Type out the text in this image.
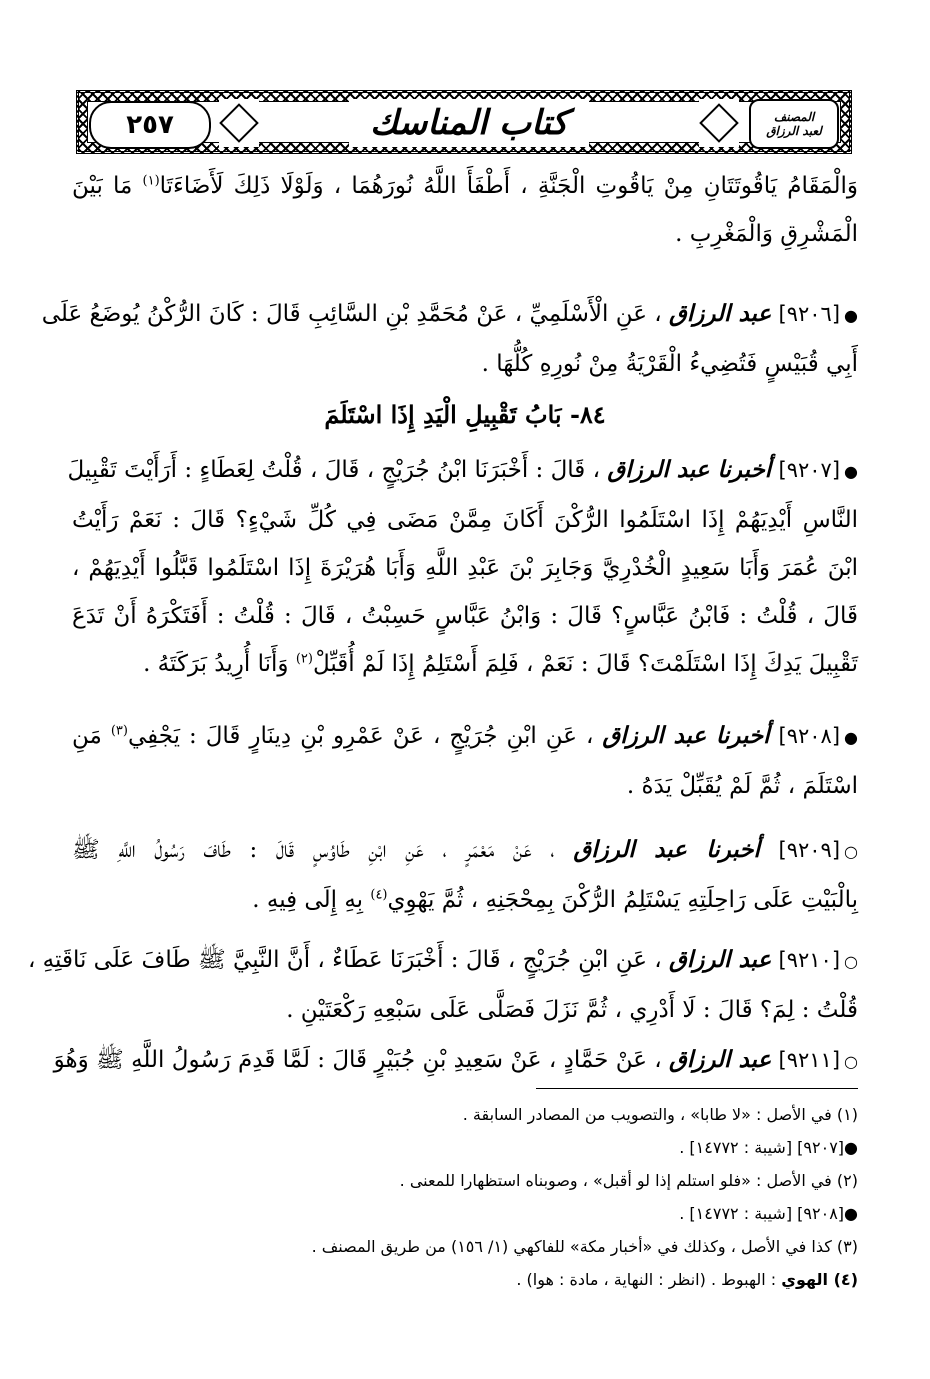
٢٥٧	كتاب المناسك	المصنف
لعبد الرزاق
وَالْمَقَامُ يَاقُوتَتَانِ مِنْ يَاقُوتِ الْجَنَّةِ ، أَطْفَأَ اللَّهُ نُورَهُمَا ، وَلَوْلَا ذَلِكَ لَأَضَاءَتَا$^{(١)}$ مَا بَيْنَ
الْمَشْرِقِ وَالْمَغْرِبِ .
●[٩٢٠٦] عبد الرزاق ، عَنِ الْأَسْلَمِيِّ ، عَنْ مُحَمَّدِ بْنِ السَّائِبِ قَالَ : كَانَ الرُّكْنُ يُوضَعُ عَلَى
أَبِي قُبَيْسٍ فَتُضِيءُ الْقَرْيَةُ مِنْ نُورِهِ كُلُّهَا .
٨٤- بَابُ تَقْبِيلِ الْيَدِ إِذَا اسْتَلَمَ
●[٩٢٠٧] أخبرنا عبد الرزاق ، قَالَ : أَخْبَرَنَا ابْنُ جُرَيْجٍ ، قَالَ ، قُلْتُ لِعَطَاءٍ : أَرَأَيْتَ تَقْبِيلَ
النَّاسِ أَيْدِيَهُمْ إِذَا اسْتَلَمُوا الرُّكْنَ أَكَانَ مِمَّنْ مَضَى فِي كُلِّ شَيْءٍ؟ قَالَ : نَعَمْ رَأَيْتُ
ابْنَ عُمَرَ وَأَبَا سَعِيدٍ الْخُدْرِيَّ وَجَابِرَ بْنَ عَبْدِ اللَّهِ وَأَبَا هُرَيْرَةَ إِذَا اسْتَلَمُوا قَبَّلُوا أَيْدِيَهُمْ ،
قَالَ ، قُلْتُ : فَابْنُ عَبَّاسٍ؟ قَالَ : وَابْنُ عَبَّاسٍ حَسِبْتُ ، قَالَ : قُلْتُ : أَفَتَكْرَهُ أَنْ تَدَعَ
تَقْبِيلَ يَدِكَ إِذَا اسْتَلَمْتَ؟ قَالَ : نَعَمْ ، فَلِمَ أَسْتَلِمُ إِذَا لَمْ أُقَبِّلْ$^{(٢)}$ وَأَنَا أُرِيدُ بَرَكَتَهُ .
●[٩٢٠٨] أخبرنا عبد الرزاق ، عَنِ ابْنِ جُرَيْجٍ ، عَنْ عَمْرِو بْنِ دِينَارٍ قَالَ : يَجْفِي$^{(٣)}$ مَنِ
اسْتَلَمَ ، ثُمَّ لَمْ يُقَبِّلْ يَدَهُ .
○[٩٢٠٩] أخبرنا عبد الرزاق ، عَنْ مَعْمَرٍ ، عَنِ ابْنِ طَاوُسٍ قَالَ : طَافَ رَسُولُ اللَّهِ ﷺ
بِالْبَيْتِ عَلَى رَاحِلَتِهِ يَسْتَلِمُ الرُّكْنَ بِمِحْجَنِهِ ، ثُمَّ يَهْوِي$^{(٤)}$ بِهِ إِلَى فِيهِ .
○[٩٢١٠] عبد الرزاق ، عَنِ ابْنِ جُرَيْجٍ ، قَالَ : أَخْبَرَنَا عَطَاءٌ ، أَنَّ النَّبِيَّ ﷺ طَافَ عَلَى نَاقَتِهِ ،
قُلْتُ : لِمَ؟ قَالَ : لَا أَدْرِي ، ثُمَّ نَزَلَ فَصَلَّى عَلَى سَبْعِهِ رَكْعَتَيْنِ .
○[٩٢١١] عبد الرزاق ، عَنْ حَمَّادٍ ، عَنْ سَعِيدِ بْنِ جُبَيْرٍ قَالَ : لَمَّا قَدِمَ رَسُولُ اللَّهِ ﷺ وَهُوَ
(١) في الأصل : «لا طابا» ، والتصويب من المصادر السابقة .
●[٩٢٠٧] [شيبة : ١٤٧٧٢] .
(٢) في الأصل : «فلو استلم إذا لو أقبل» ، وصوبناه استظهارا للمعنى .
●[٩٢٠٨] [شيبة : ١٤٧٧٢] .
(٣) كذا في الأصل ، وكذلك في «أخبار مكة» للفاكهي (١/ ١٥٦) من طريق المصنف .
(٤) الهوي : الهبوط . (انظر : النهاية ، مادة : هوا) .
